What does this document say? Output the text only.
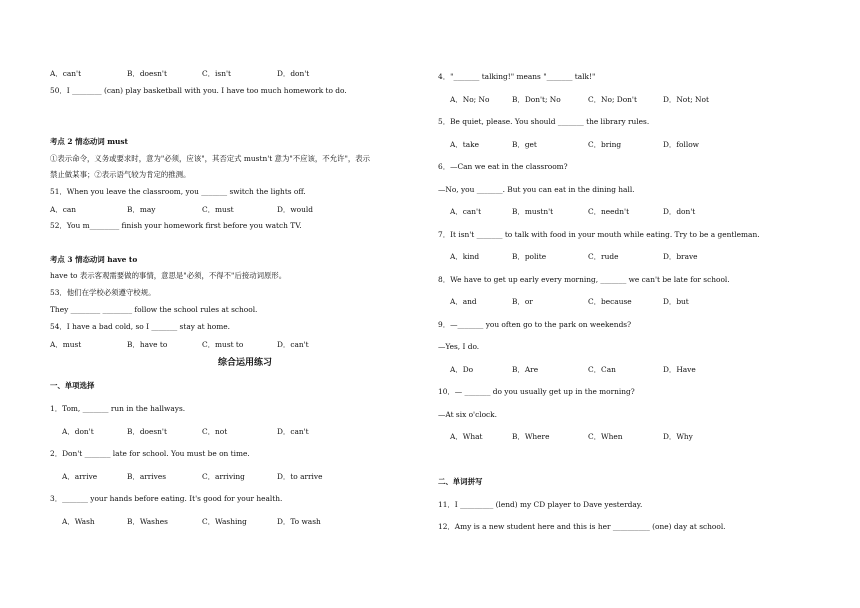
A．can't	B．doesn't	C．isn't	D．don't
50．I ________ (can) play basketball with you. I have too much homework to do.
考点 2 情态动词 must
①表示命令，义务或要求时，意为"必须，应该"，其否定式 mustn't 意为"不应该，不允许"，表示
禁止做某事；②表示语气较为肯定的推测。
51．When you leave the classroom, you _______ switch the lights off.
A．can	B．may	C．must	D．would
52．You m________ finish your homework first before you watch TV.
考点 3 情态动词 have to
have to 表示客观需要做的事情，意思是"必须，不得不"后接动词原形。
53．他们在学校必须遵守校规。
They ________ ________ follow the school rules at school.
54．I have a bad cold, so I _______ stay at home.
A．must	B．have to	C．must to	D．can't
综合运用练习
一、单项选择
1．Tom, _______ run in the hallways.
A．don't	B．doesn't	C．not	D．can't
2．Don't _______ late for school. You must be on time.
A．arrive	B．arrives	C．arriving	D．to arrive
3．_______ your hands before eating. It's good for your health.
A．Wash	B．Washes	C．Washing	D．To wash
4．"_______ talking!" means "_______ talk!"
A．No; No	B．Don't; No	C．No; Don't	D．Not; Not
5．Be quiet, please. You should _______ the library rules.
A．take	B．get	C．bring	D．follow
6．—Can we eat in the classroom?
—No, you _______. But you can eat in the dining hall.
A．can't	B．mustn't	C．needn't	D．don't
7．It isn't _______ to talk with food in your mouth while eating. Try to be a gentleman.
A．kind	B．polite	C．rude	D．brave
8．We have to get up early every morning, _______ we can't be late for school.
A．and	B．or	C．because	D．but
9．—_______ you often go to the park on weekends?
—Yes, I do.
A．Do	B．Are	C．Can	D．Have
10．— _______ do you usually get up in the morning?
—At six o'clock.
A．What	B．Where	C．When	D．Why
二、单词拼写
11．I _________ (lend) my CD player to Dave yesterday.
12．Amy is a new student here and this is her __________ (one) day at school.
